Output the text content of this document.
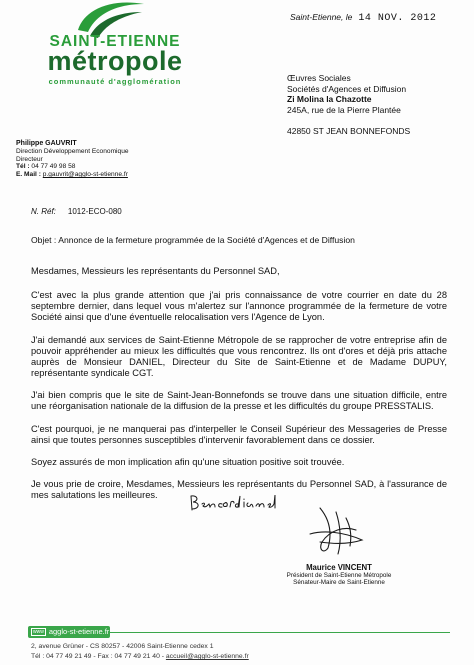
SAINT-ETIENNE
métropole
communauté d'agglomération
Saint-Etienne, le 14 NOV. 2012
Œuvres Sociales
Sociétés d'Agences et Diffusion
Zi Molina la Chazotte
245A, rue de la Pierre Plantée
42850 ST JEAN BONNEFONDS
Philippe GAUVRIT
Direction Développement Economique
Directeur
Tél : 04 77 49 98 58
E. Mail : p.gauvrit@agglo-st-etienne.fr
N. Réf: 1012-ECO-080
Objet : Annonce de la fermeture programmée de la Société d'Agences et de Diffusion

Mesdames, Messieurs les représentants du Personnel SAD,

C'est avec la plus grande attention que j'ai pris connaissance de votre courrier en date du 28 septembre dernier, dans lequel vous m'alertez sur l'annonce programmée de la fermeture de votre Société ainsi que d'une éventuelle relocalisation vers l'Agence de Lyon.

J'ai demandé aux services de Saint-Etienne Métropole de se rapprocher de votre entreprise afin de pouvoir appréhender au mieux les difficultés que vous rencontrez. Ils ont d'ores et déjà pris attache auprès de Monsieur DANIEL, Directeur du Site de Saint-Etienne et de Madame DUPUY, représentante syndicale CGT.

J'ai bien compris que le site de Saint-Jean-Bonnefonds se trouve dans une situation difficile, entre une réorganisation nationale de la diffusion de la presse et les difficultés du groupe PRESSTALIS.

C'est pourquoi, je ne manquerai pas d'interpeller le Conseil Supérieur des Messageries de Presse ainsi que toutes personnes susceptibles d'intervenir favorablement dans ce dossier.

Soyez assurés de mon implication afin qu'une situation positive soit trouvée.

Je vous prie de croire, Mesdames, Messieurs les représentants du Personnel SAD, à l'assurance de mes salutations les meilleures.

Maurice VINCENT
Président de Saint-Etienne Métropole
Sénateur-Maire de Saint-Etienne
www agglo-st-etienne.fr
2, avenue Grüner - CS 80257 - 42006 Saint-Etienne cedex 1
Tél : 04 77 49 21 49 - Fax : 04 77 49 21 40 - accueil@agglo-st-etienne.fr
